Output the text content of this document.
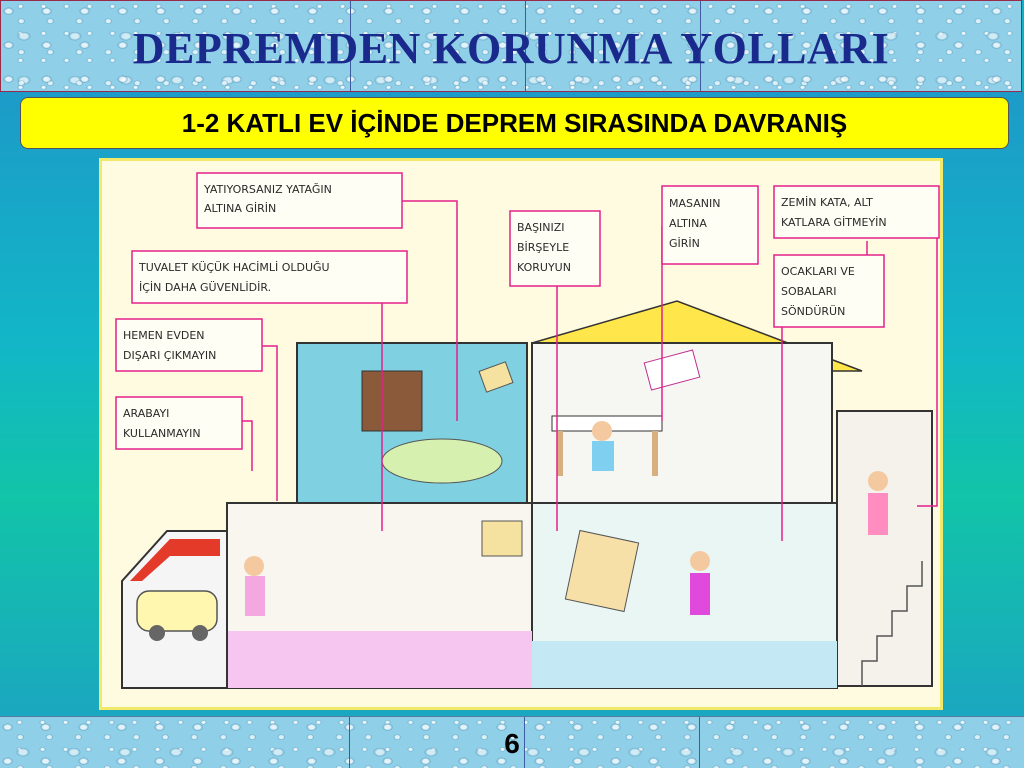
DEPREMDEN KORUNMA YOLLARI
1-2 KATLI EV İÇİNDE DEPREM SIRASINDA DAVRANIŞ
YATIYORSANIZ YATAĞIN
ALTINA GİRİN
TUVALET KÜÇÜK HACİMLİ OLDUĞU
İÇİN DAHA GÜVENLİDİR.
HEMEN EVDEN
DIŞARI ÇIKMAYIN
ARABAYI
KULLANMAYIN
BAŞINIZI
BİRŞEYLE
KORUYUN
MASANIN
ALTINA
GİRİN
ZEMİN KATA, ALT
KATLARA GİTMEYİN
OCAKLARI VE
SOBALARI
SÖNDÜRÜN
6
